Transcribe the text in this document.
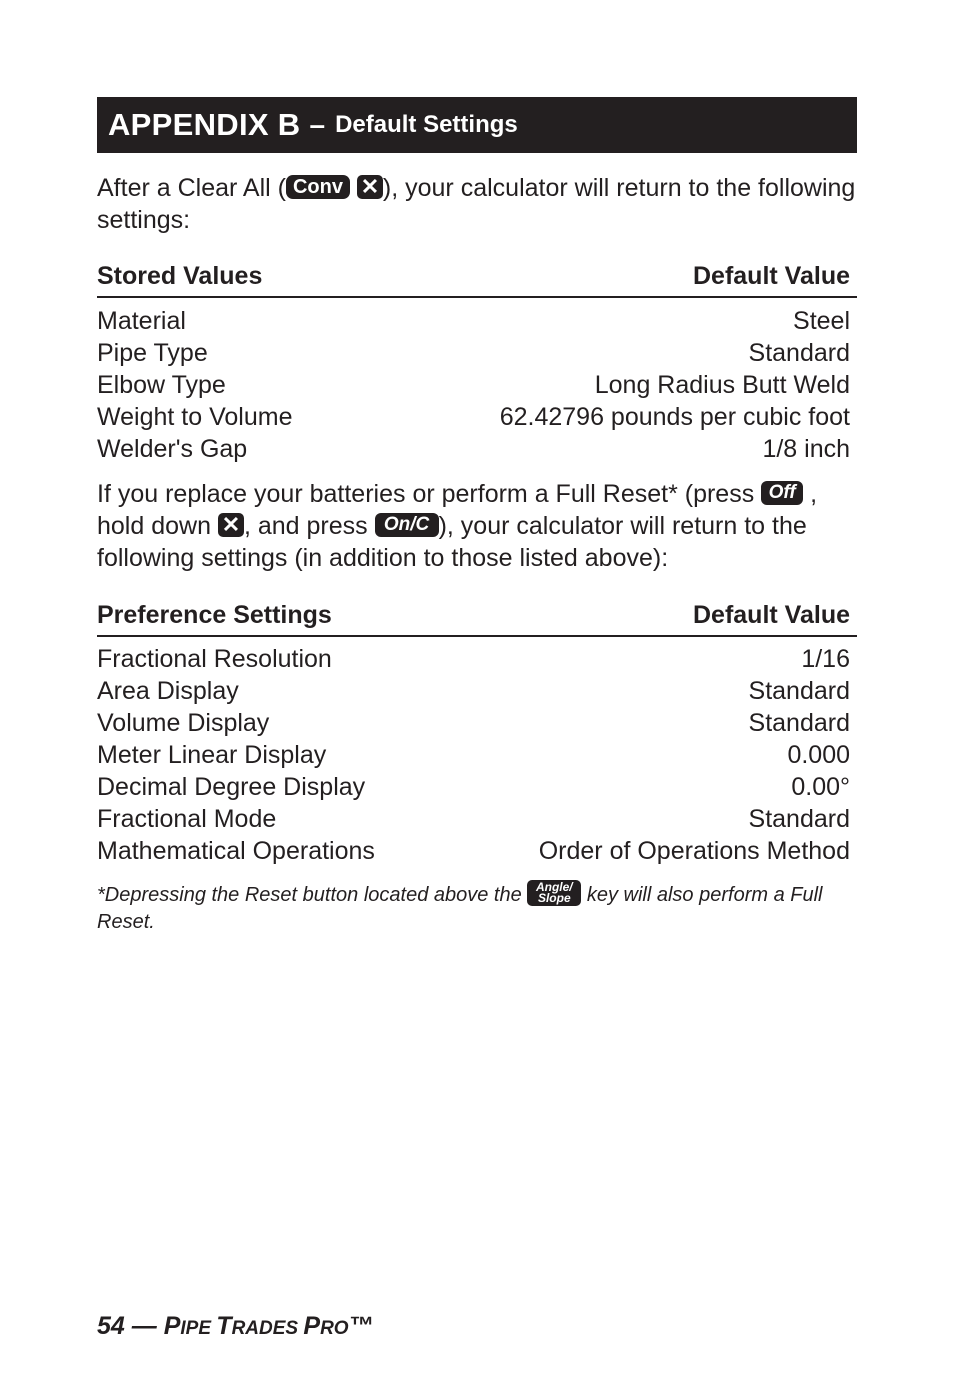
APPENDIX B – Default Settings

After a Clear All ( Conv ✕ ), your calculator will return to the following settings:

Stored Values	Default Value
Material	Steel
Pipe Type	Standard
Elbow Type	Long Radius Butt Weld
Weight to Volume	62.42796 pounds per cubic foot
Welder's Gap	1/8 inch

If you replace your batteries or perform a Full Reset* (press Off , hold down ✕ , and press On/C ), your calculator will return to the following settings (in addition to those listed above):

Preference Settings	Default Value
Fractional Resolution	1/16
Area Display	Standard
Volume Display	Standard
Meter Linear Display	0.000
Decimal Degree Display	0.00°
Fractional Mode	Standard
Mathematical Operations	Order of Operations Method

*Depressing the Reset button located above the Angle/
Slope key will also perform a Full Reset.

54 — PIPE TRADES PRO™
